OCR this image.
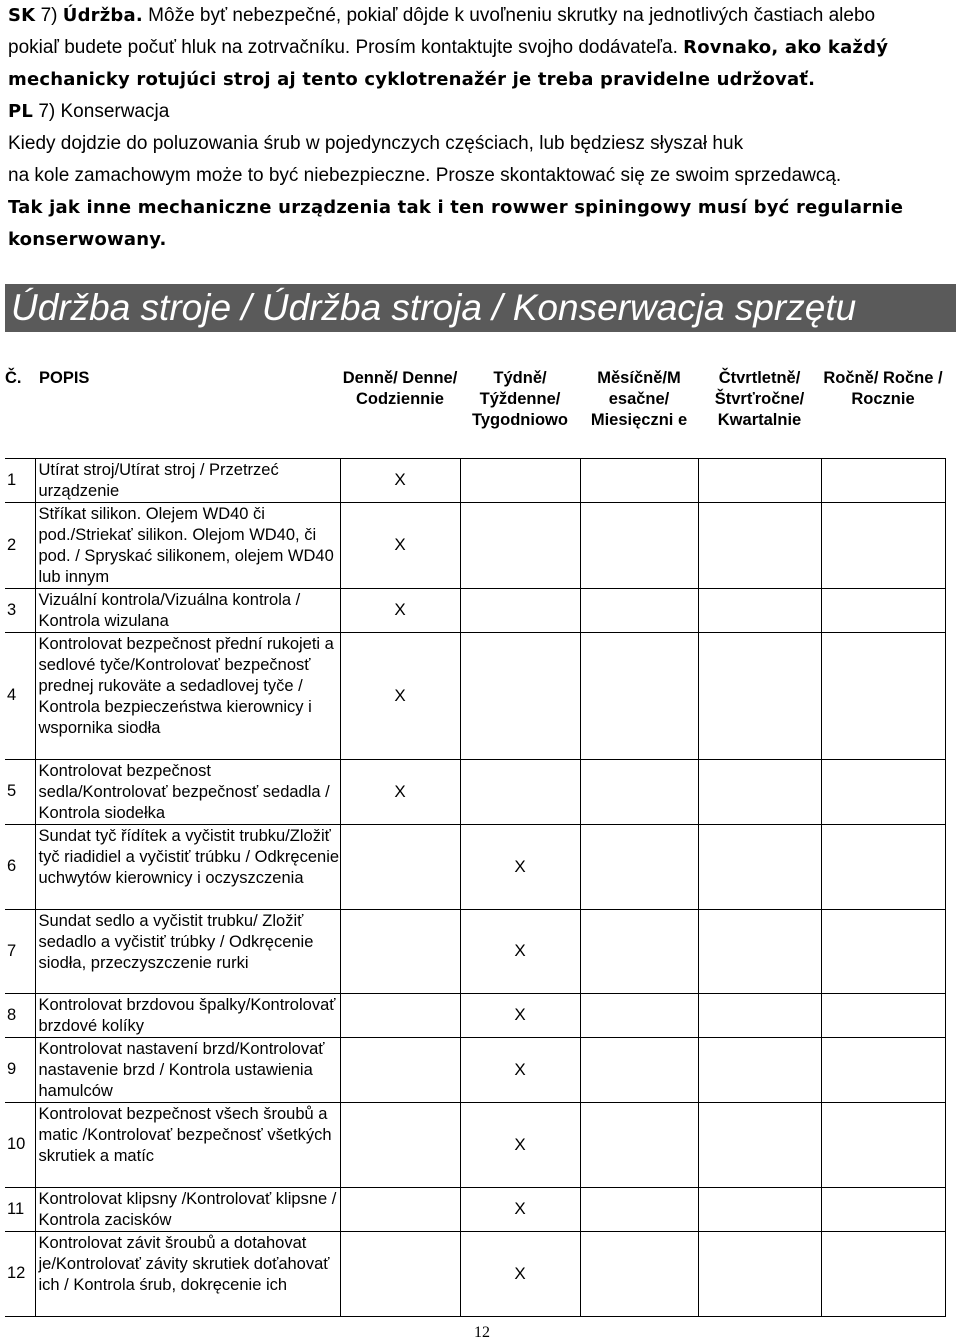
SK 7) Údržba. Môže byť nebezpečné, pokiaľ dôjde k uvoľneniu skrutky na jednotlivých častiach alebo
pokiaľ budete počuť hluk na zotrvačníku. Prosím kontaktujte svojho dodávateľa. Rovnako, ako každý
mechanicky rotujúci stroj aj tento cyklotrenažér je treba pravidelne udržovať.
PL 7) Konserwacja
Kiedy dojdzie do poluzowania śrub w pojedynczych częściach, lub będziesz słyszał huk
na kole zamachowym może to być niebezpieczne. Prosze skontaktować się ze swoim sprzedawcą.
Tak jak inne mechaniczne urządzenia tak i ten rowwer spiningowy musí być regularnie
konserwowany.
Údržba stroje / Údržba stroja / Konserwacja sprzętu
Č.	POPIS	Denně/ Denne/ Codziennie	Týdně/ Týždenne/ Tygodniowo	Měsíčně/M esačne/ Miesięczni e	Čtvrtletně/ Štvrťročne/ Kwartalnie	Ročně/ Ročne / Rocznie
1	Utírat stroj/Utírat stroj / Przetrzeć urządzenie	X				
2	Stříkat silikon. Olejem WD40 či pod./Striekať silikon. Olejom WD40, či pod. / Spryskać silikonem, olejem WD40 lub innym	X				
3	Vizuální kontrola/Vizuálna kontrola / Kontrola wizulana	X				
4	Kontrolovat bezpečnost přední rukojeti a sedlové tyče/Kontrolovať bezpečnosť prednej rukoväte a sedadlovej tyče / Kontrola bezpieczeństwa kierownicy i wspornika siodła	X				
5	Kontrolovat bezpečnost sedla/Kontrolovať bezpečnosť sedadla / Kontrola siodełka	X				
6	Sundat tyč řídítek a vyčistit trubku/Zložiť tyč riadidiel a vyčistiť trúbku / Odkręcenie uchwytów kierownicy i oczyszczenia		X			
7	Sundat sedlo a vyčistit trubku/ Zložiť sedadlo a vyčistiť trúbky / Odkręcenie siodła, przeczyszczenie rurki		X			
8	Kontrolovat brzdovou špalky/Kontrolovať brzdové kolíky		X			
9	Kontrolovat nastavení brzd/Kontrolovať nastavenie brzd / Kontrola ustawienia hamulców		X			
10	Kontrolovat bezpečnost všech šroubů a matic /Kontrolovať bezpečnosť všetkých skrutiek a matíc		X			
11	Kontrolovat klipsny /Kontrolovať klipsne / Kontrola zacisków		X			
12	Kontrolovat závit šroubů a dotahovat je/Kontrolovať závity skrutiek doťahovať ich / Kontrola śrub, dokręcenie ich		X			
12
